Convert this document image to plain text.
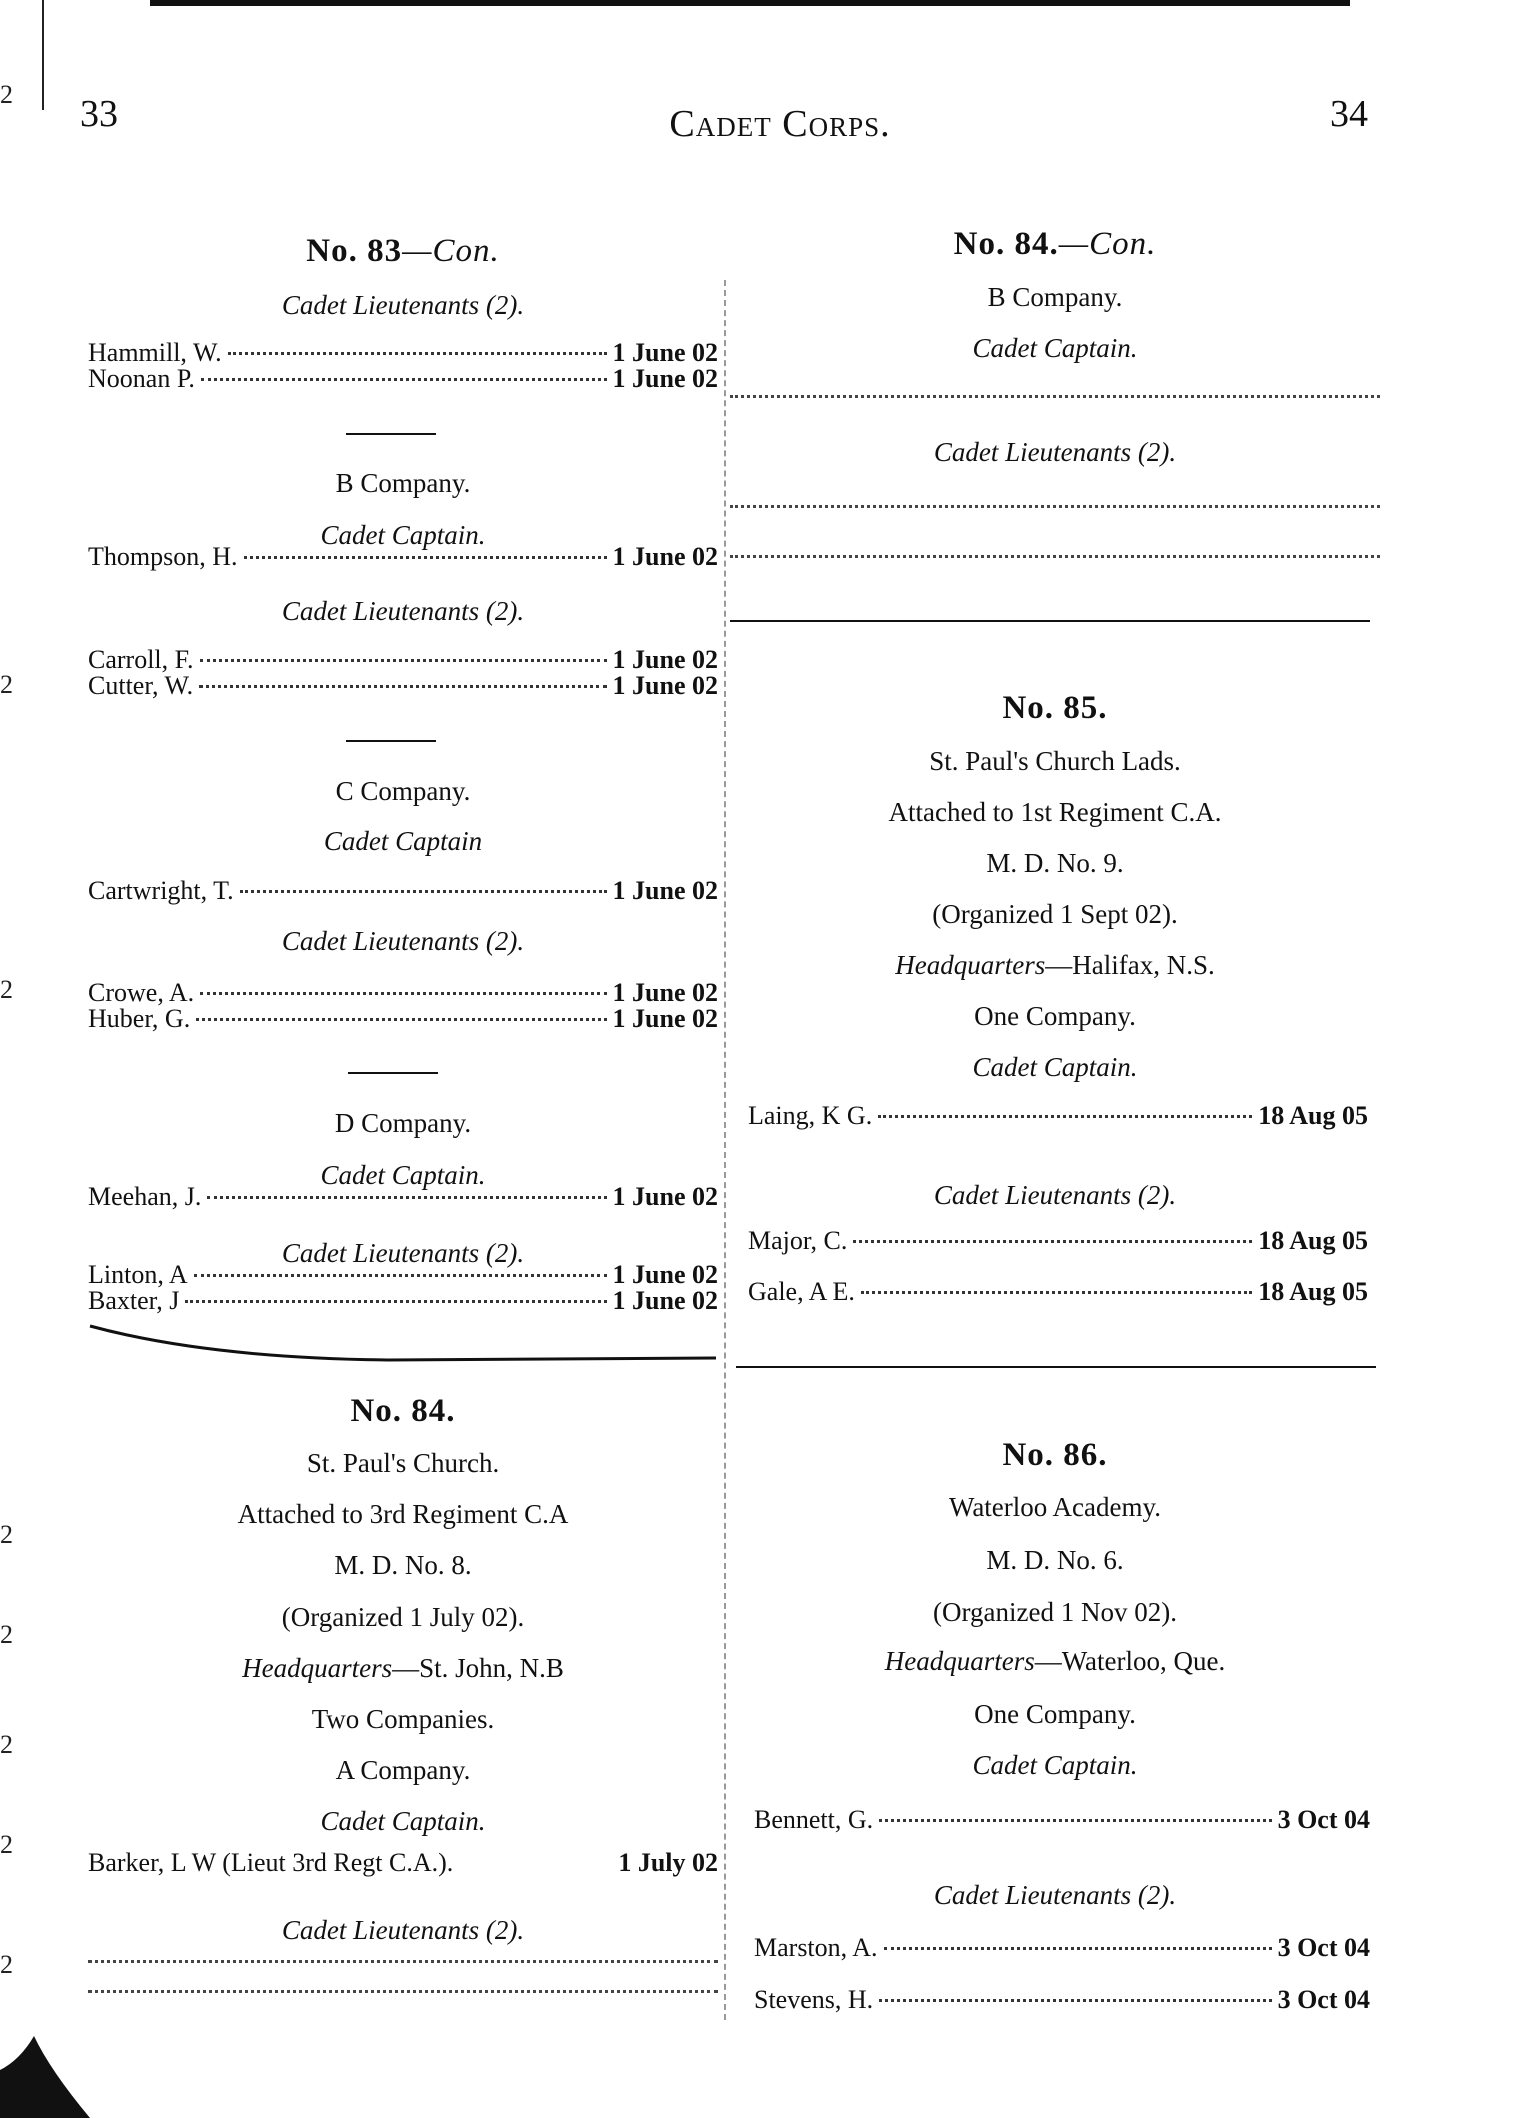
2
2
2
2
2
2
2
2
33	Cadet Corps.	34
No. 83—Con.
Cadet Lieutenants (2).
Hammill, W.	1 June 02
Noonan P.	1 June 02
B Company.
Cadet Captain.
Thompson, H.	1 June 02
Cadet Lieutenants (2).
Carroll, F.	1 June 02
Cutter, W.	1 June 02
C Company.
Cadet Captain
Cartwright, T.	1 June 02
Cadet Lieutenants (2).
Crowe, A.	1 June 02
Huber, G.	1 June 02
D Company.
Cadet Captain.
Meehan, J.	1 June 02
Cadet Lieutenants (2).
Linton, A	1 June 02
Baxter, J	1 June 02
No. 84.
St. Paul's Church.
Attached to 3rd Regiment C.A
M. D. No. 8.
(Organized 1 July 02).
Headquarters—St. John, N.B
Two Companies.
A Company.
Cadet Captain.
Barker, L W (Lieut 3rd Regt C.A.).	1 July 02
Cadet Lieutenants (2).
No. 84.—Con.
B Company.
Cadet Captain.
Cadet Lieutenants (2).
No. 85.
St. Paul's Church Lads.
Attached to 1st Regiment C.A.
M. D. No. 9.
(Organized 1 Sept 02).
Headquarters—Halifax, N.S.
One Company.
Cadet Captain.
Laing, K G.	18 Aug 05
Cadet Lieutenants (2).
Major, C.	18 Aug 05
Gale, A E.	18 Aug 05
No. 86.
Waterloo Academy.
M. D. No. 6.
(Organized 1 Nov 02).
Headquarters—Waterloo, Que.
One Company.
Cadet Captain.
Bennett, G.	3 Oct 04
Cadet Lieutenants (2).
Marston, A.	3 Oct 04
Stevens, H.	3 Oct 04
